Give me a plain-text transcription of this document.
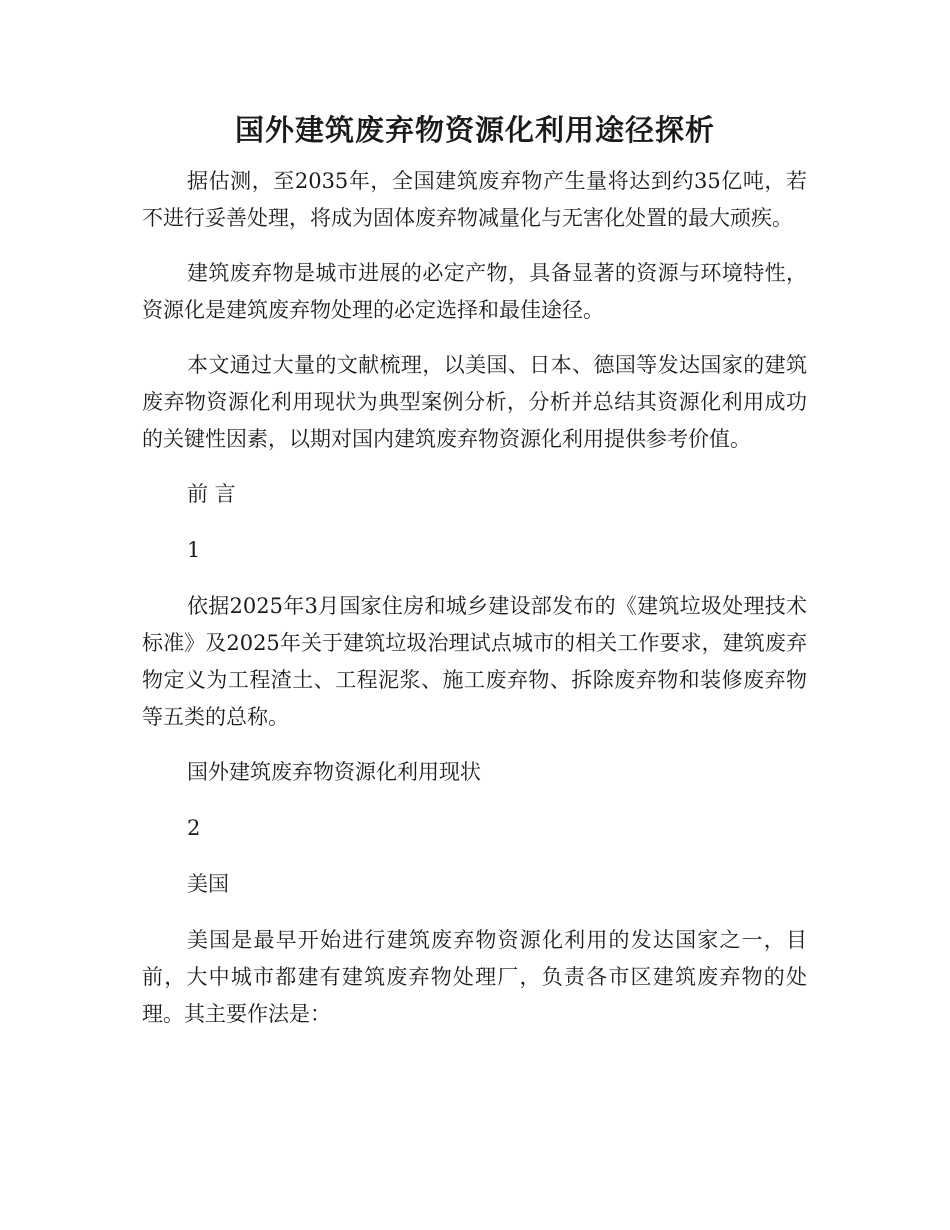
国外建筑废弃物资源化利用途径探析

据估测，至2035年，全国建筑废弃物产生量将达到约35亿吨，若不进行妥善处理，将成为固体废弃物减量化与无害化处置的最大顽疾。

建筑废弃物是城市进展的必定产物，具备显著的资源与环境特性，资源化是建筑废弃物处理的必定选择和最佳途径。

本文通过大量的文献梳理，以美国、日本、德国等发达国家的建筑废弃物资源化利用现状为典型案例分析，分析并总结其资源化利用成功的关键性因素，以期对国内建筑废弃物资源化利用提供参考价值。

前 言

1

依据2025年3月国家住房和城乡建设部发布的《建筑垃圾处理技术标准》及2025年关于建筑垃圾治理试点城市的相关工作要求，建筑废弃物定义为工程渣土、工程泥浆、施工废弃物、拆除废弃物和装修废弃物等五类的总称。

国外建筑废弃物资源化利用现状

2

美国

美国是最早开始进行建筑废弃物资源化利用的发达国家之一，目前，大中城市都建有建筑废弃物处理厂，负责各市区建筑废弃物的处理。其主要作法是：
